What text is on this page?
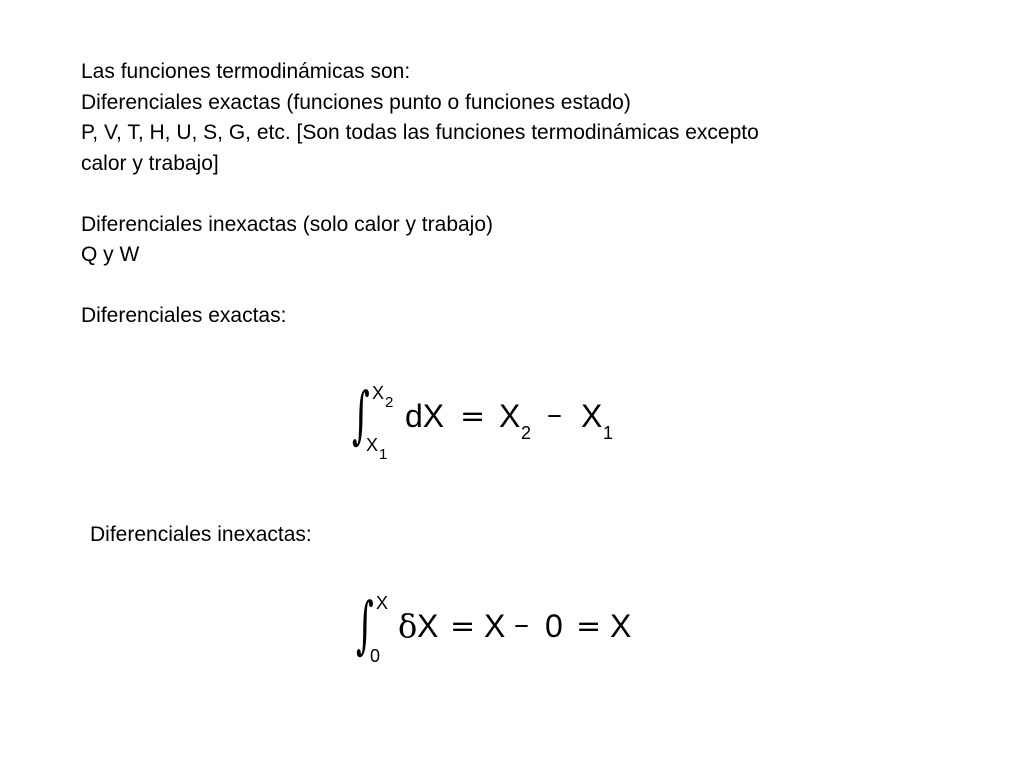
Las funciones termodinámicas son:
Diferenciales exactas (funciones punto o funciones estado)
P, V, T, H, U, S, G, etc. [Son todas las funciones termodinámicas excepto
calor y trabajo]
Diferenciales inexactas (solo calor y trabajo)
Q y W
Diferenciales exactas:
∫ X 2
X 1
dX = X 2
– X 1
Diferenciales inexactas:
∫ X
0
δ X = X – 0 = X
